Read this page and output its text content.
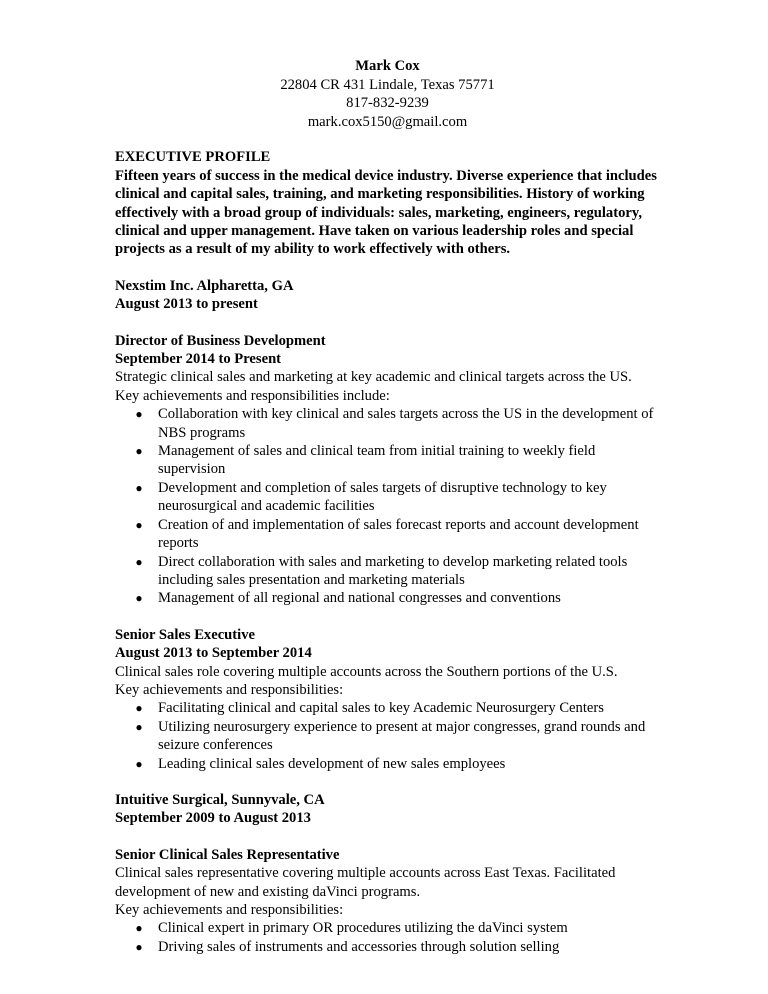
Mark Cox
22804 CR 431 Lindale, Texas 75771
817-832-9239
mark.cox5150@gmail.com
EXECUTIVE PROFILE

Fifteen years of success in the medical device industry. Diverse experience that includes clinical and capital sales, training, and marketing responsibilities. History of working effectively with a broad group of individuals: sales, marketing, engineers, regulatory, clinical and upper management. Have taken on various leadership roles and special projects as a result of my ability to work effectively with others.

Nexstim Inc. Alpharetta, GA
August 2013 to present
Director of Business Development
September 2014 to Present
Strategic clinical sales and marketing at key academic and clinical targets across the US.
Key achievements and responsibilities include:
● Collaboration with key clinical and sales targets across the US in the development of NBS programs
● Management of sales and clinical team from initial training to weekly field supervision
● Development and completion of sales targets of disruptive technology to key neurosurgical and academic facilities
● Creation of and implementation of sales forecast reports and account development reports
● Direct collaboration with sales and marketing to develop marketing related tools including sales presentation and marketing materials
● Management of all regional and national congresses and conventions
Senior Sales Executive
August 2013 to September 2014
Clinical sales role covering multiple accounts across the Southern portions of the U.S.
Key achievements and responsibilities:
● Facilitating clinical and capital sales to key Academic Neurosurgery Centers
● Utilizing neurosurgery experience to present at major congresses, grand rounds and seizure conferences
● Leading clinical sales development of new sales employees
Intuitive Surgical, Sunnyvale, CA
September 2009 to August 2013
Senior Clinical Sales Representative
Clinical sales representative covering multiple accounts across East Texas. Facilitated development of new and existing daVinci programs.
Key achievements and responsibilities:
● Clinical expert in primary OR procedures utilizing the daVinci system
● Driving sales of instruments and accessories through solution selling
